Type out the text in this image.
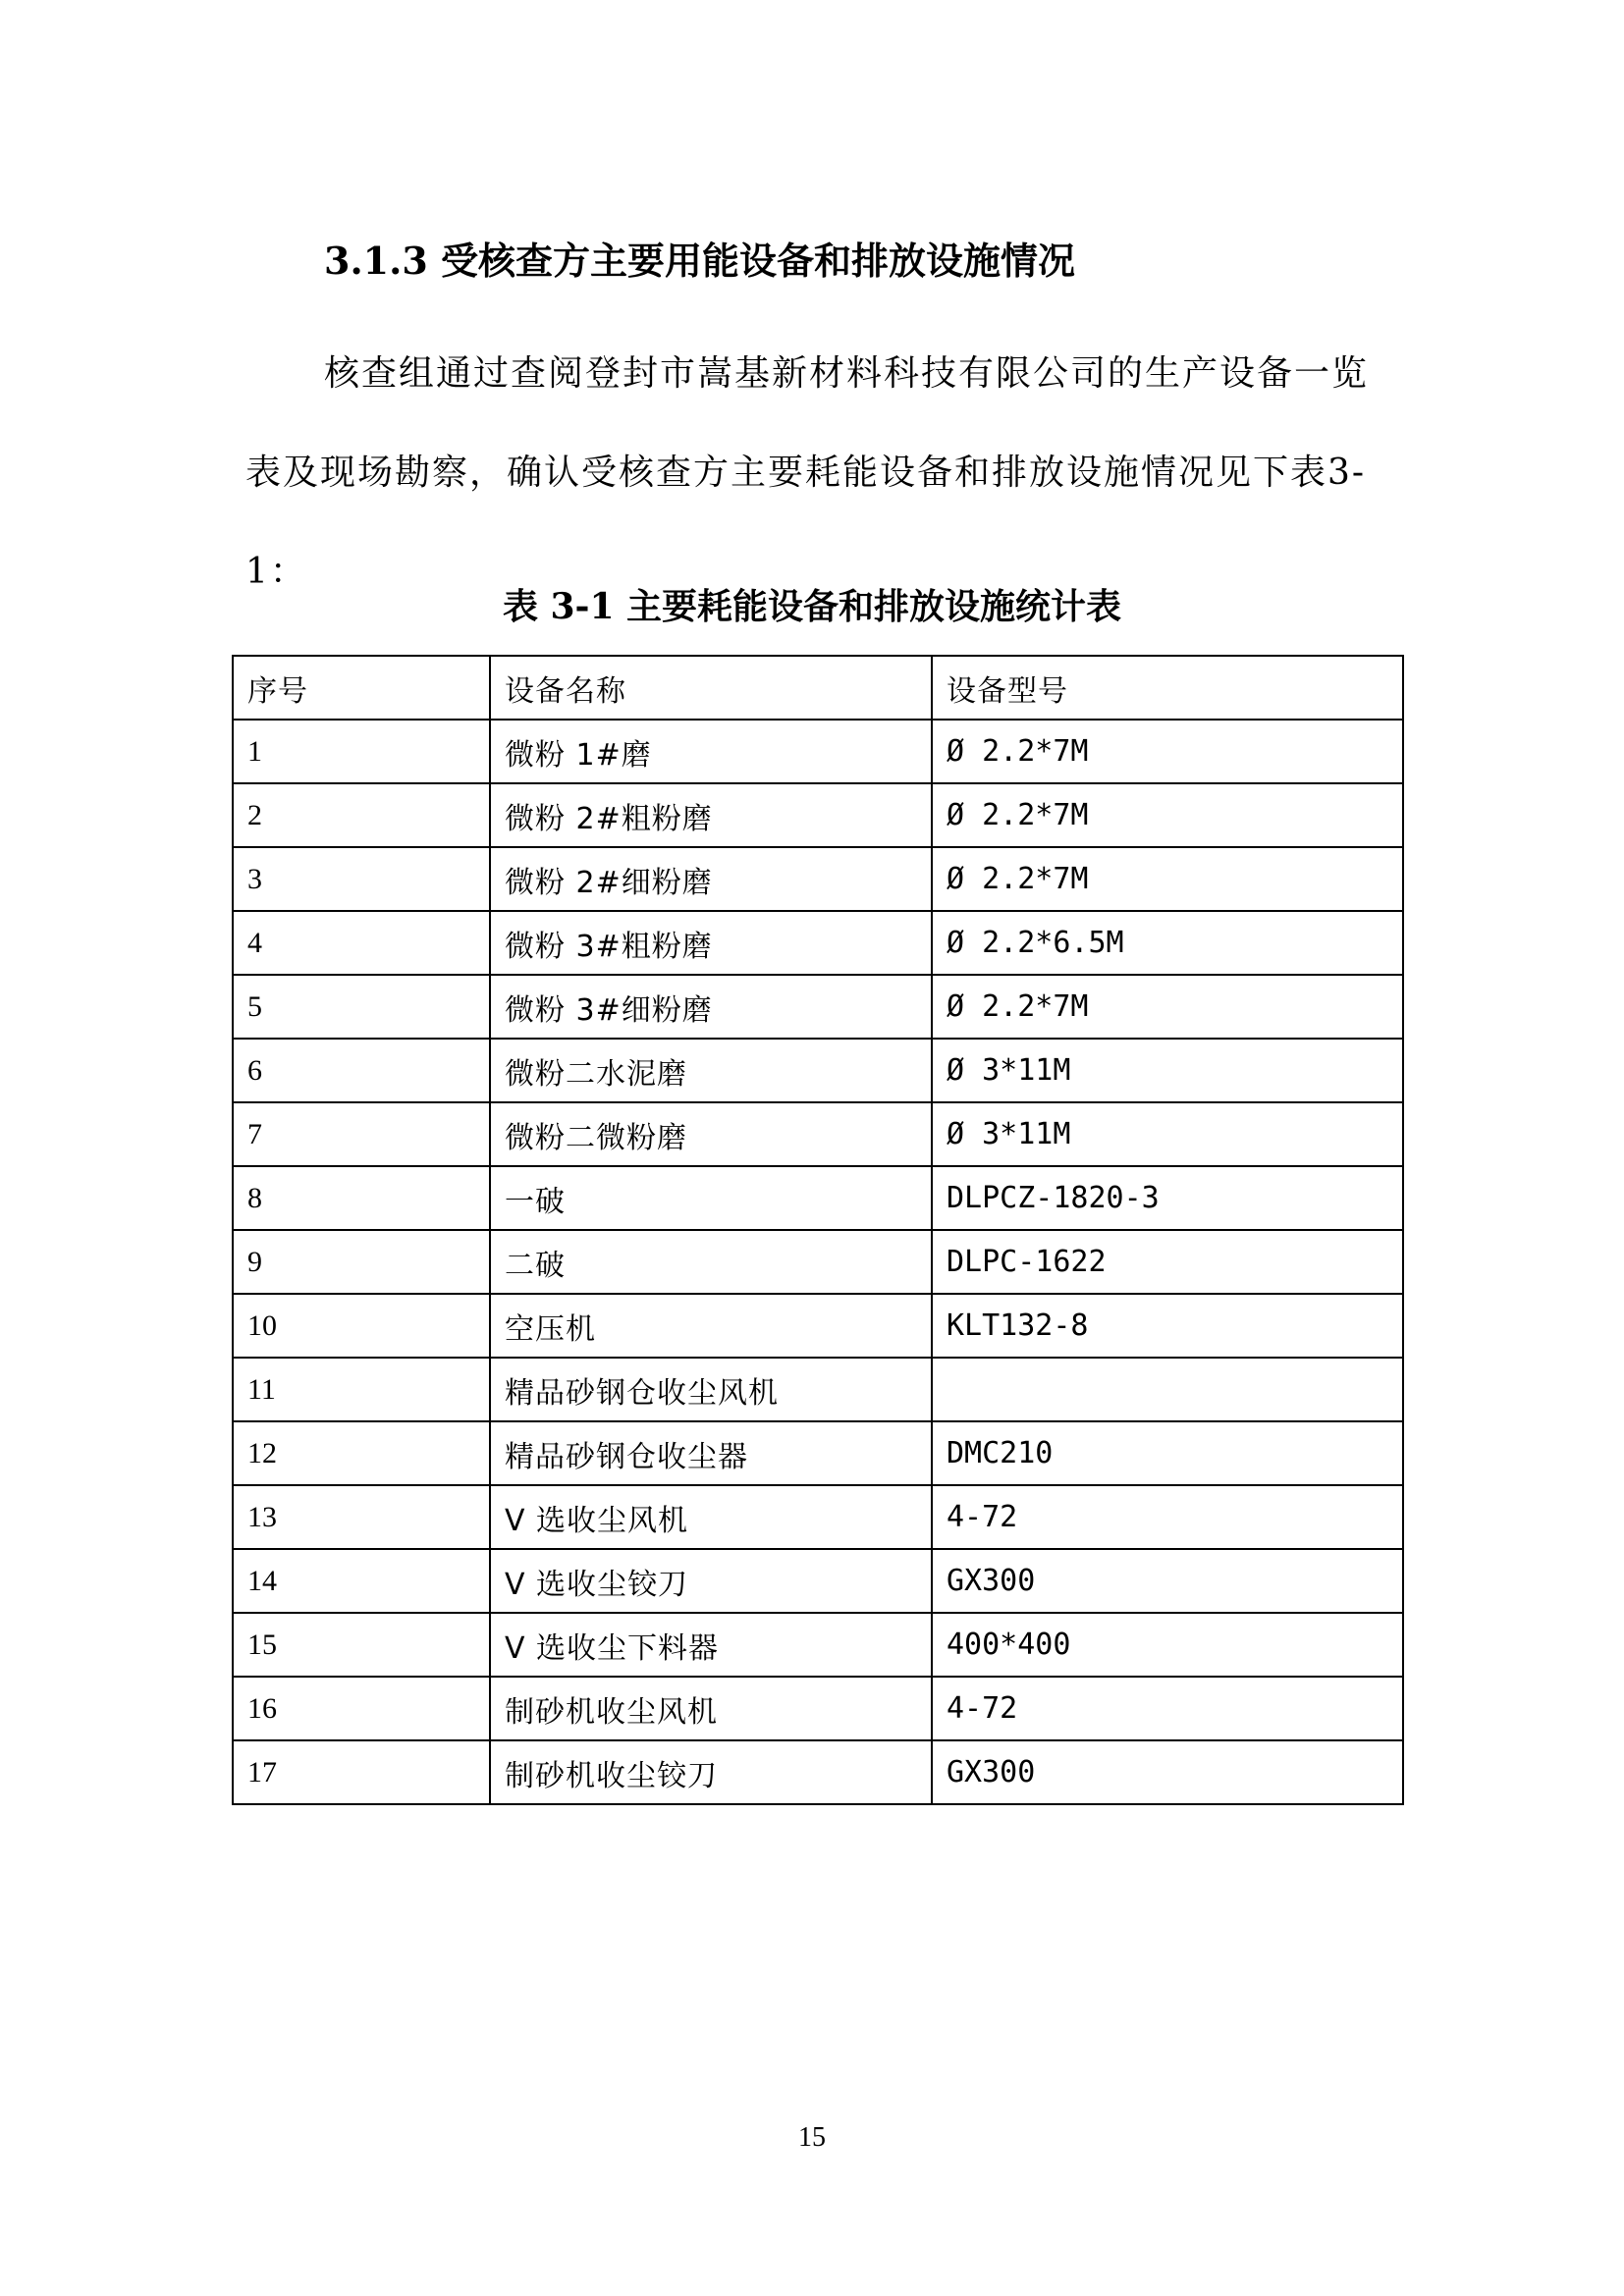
3.1.3 受核查方主要用能设备和排放设施情况
核查组通过查阅登封市嵩基新材料科技有限公司的生产设备一览表及现场勘察，确认受核查方主要耗能设备和排放设施情况见下表3-1：
表 3-1 主要耗能设备和排放设施统计表
序号	设备名称	设备型号
1	微粉 1#磨	Ø 2.2*7M
2	微粉 2#粗粉磨	Ø 2.2*7M
3	微粉 2#细粉磨	Ø 2.2*7M
4	微粉 3#粗粉磨	Ø 2.2*6.5M
5	微粉 3#细粉磨	Ø 2.2*7M
6	微粉二水泥磨	Ø 3*11M
7	微粉二微粉磨	Ø 3*11M
8	一破	DLPCZ-1820-3
9	二破	DLPC-1622
10	空压机	KLT132-8
11	精品砂钢仓收尘风机	
12	精品砂钢仓收尘器	DMC210
13	V 选收尘风机	4-72
14	V 选收尘铰刀	GX300
15	V 选收尘下料器	400*400
16	制砂机收尘风机	4-72
17	制砂机收尘铰刀	GX300
15
